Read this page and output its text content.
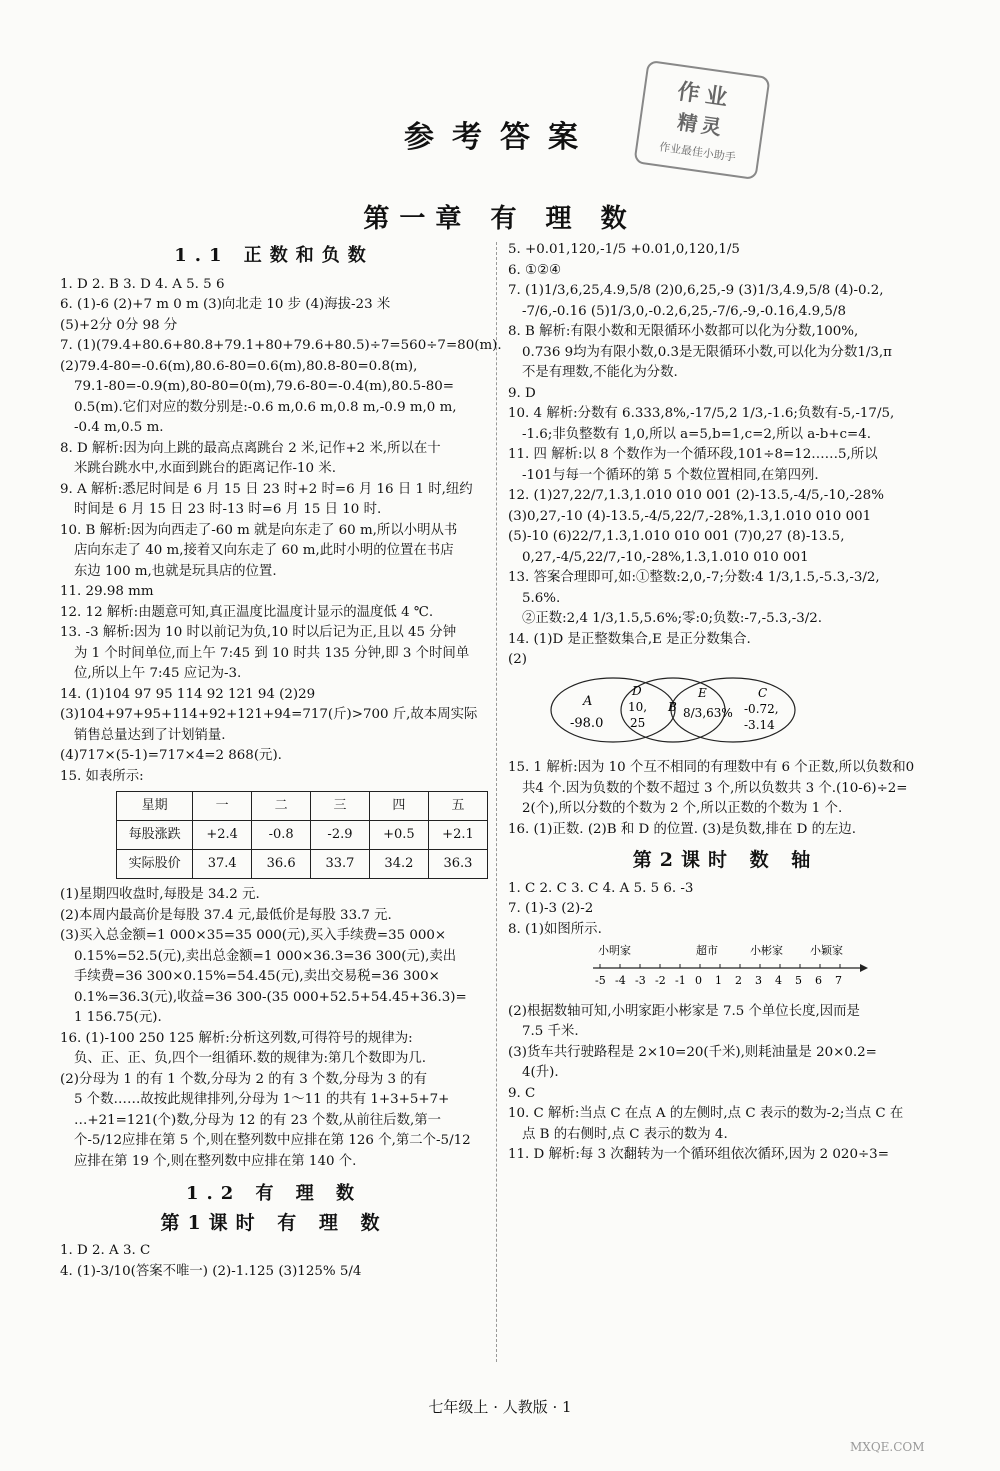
作业
精灵
作业最佳小助手
参考答案
第一章 有 理 数
1.1 正数和负数
1. D 2. B 3. D 4. A 5. 5 6
6. (1)-6 (2)+7 m 0 m (3)向北走 10 步 (4)海拔-23 米
(5)+2分 0分 98 分
7. (1)(79.4+80.6+80.8+79.1+80+79.6+80.5)÷7=560÷7=80(m).
(2)79.4-80=-0.6(m),80.6-80=0.6(m),80.8-80=0.8(m),
79.1-80=-0.9(m),80-80=0(m),79.6-80=-0.4(m),80.5-80=
0.5(m).它们对应的数分别是:-0.6 m,0.6 m,0.8 m,-0.9 m,0 m,
-0.4 m,0.5 m.
8. D 解析:因为向上跳的最高点离跳台 2 米,记作+2 米,所以在十
米跳台跳水中,水面到跳台的距离记作-10 米.
9. A 解析:悉尼时间是 6 月 15 日 23 时+2 时=6 月 16 日 1 时,纽约
时间是 6 月 15 日 23 时-13 时=6 月 15 日 10 时.
10. B 解析:因为向西走了-60 m 就是向东走了 60 m,所以小明从书
店向东走了 40 m,接着又向东走了 60 m,此时小明的位置在书店
东边 100 m,也就是玩具店的位置.
11. 29.98 mm
12. 12 解析:由题意可知,真正温度比温度计显示的温度低 4 ℃.
13. -3 解析:因为 10 时以前记为负,10 时以后记为正,且以 45 分钟
为 1 个时间单位,而上午 7:45 到 10 时共 135 分钟,即 3 个时间单
位,所以上午 7:45 应记为-3.
14. (1)104 97 95 114 92 121 94 (2)29
(3)104+97+95+114+92+121+94=717(斤)>700 斤,故本周实际
销售总量达到了计划销量.
(4)717×(5-1)=717×4=2 868(元).
15. 如表所示:
星期	一	二	三	四	五
每股涨跌	+2.4	-0.8	-2.9	+0.5	+2.1
实际股价	37.4	36.6	33.7	34.2	36.3
(1)星期四收盘时,每股是 34.2 元.
(2)本周内最高价是每股 37.4 元,最低价是每股 33.7 元.
(3)买入总金额=1 000×35=35 000(元),买入手续费=35 000×
0.15%=52.5(元),卖出总金额=1 000×36.3=36 300(元),卖出
手续费=36 300×0.15%=54.45(元),卖出交易税=36 300×
0.1%=36.3(元),收益=36 300-(35 000+52.5+54.45+36.3)=
1 156.75(元).
16. (1)-100 250 125 解析:分析这列数,可得符号的规律为:
负、正、正、负,四个一组循环.数的规律为:第几个数即为几.
(2)分母为 1 的有 1 个数,分母为 2 的有 3 个数,分母为 3 的有
5 个数……故按此规律排列,分母为 1～11 的共有 1+3+5+7+
…+21=121(个)数,分母为 12 的有 23 个数,从前往后数,第一
个-5/12应排在第 5 个,则在整列数中应排在第 126 个,第二个-5/12
应排在第 19 个,则在整列数中应排在第 140 个.
1.2 有 理 数
第1课时 有 理 数
1. D 2. A 3. C
4. (1)-3/10(答案不唯一) (2)-1.125 (3)125% 5/4
5. +0.01,120,-1/5 +0.01,0,120,1/5
6. ①②④
7. (1)1/3,6,25,4.9,5/8 (2)0,6,25,-9 (3)1/3,4.9,5/8 (4)-0.2,
-7/6,-0.16 (5)1/3,0,-0.2,6,25,-7/6,-9,-0.16,4.9,5/8
8. B 解析:有限小数和无限循环小数都可以化为分数,100%,
0.736 9均为有限小数,0.3̇是无限循环小数,可以化为分数1/3,π
不是有理数,不能化为分数.
9. D
10. 4 解析:分数有 6.333,8%,-17/5,2 1/3,-1.6;负数有-5,-17/5,
-1.6;非负整数有 1,0,所以 a=5,b=1,c=2,所以 a-b+c=4.
11. 四 解析:以 8 个数作为一个循环段,101÷8=12……5,所以
-101与每一个循环的第 5 个数位置相同,在第四列.
12. (1)27,22/7,1.3̇,1.010 010 001 (2)-13.5,-4/5,-10,-28%
(3)0,27,-10 (4)-13.5,-4/5,22/7,-28%,1.3̇,1.010 010 001
(5)-10 (6)22/7,1.3̇,1.010 010 001 (7)0,27 (8)-13.5,
0,27,-4/5,22/7,-10,-28%,1.3̇,1.010 010 001
13. 答案合理即可,如:①整数:2,0,-7;分数:4 1/3,1.5,-5.3,-3/2,
5.6%.
②正数:2,4 1/3,1.5,5.6%;零:0;负数:-7,-5.3,-3/2.
14. (1)D 是正整数集合,E 是正分数集合.
(2)
A
-98.0
D
10,
25
B
E
8/3,63%
C
-0.72,
-3.14
15. 1 解析:因为 10 个互不相同的有理数中有 6 个正数,所以负数和0
共4 个.因为负数的个数不超过 3 个,所以负数共 3 个.(10-6)÷2=
2(个),所以分数的个数为 2 个,所以正数的个数为 1 个.
16. (1)正数. (2)B 和 D 的位置. (3)是负数,排在 D 的左边.
第2课时 数 轴
1. C 2. C 3. C 4. A 5. 5 6. -3
7. (1)-3 (2)-2
8. (1)如图所示.
-5 -4 -3 -2 -1 0 1 2 3 4 5 6 7
小明家	超市	小彬家 小颖家
(2)根据数轴可知,小明家距小彬家是 7.5 个单位长度,因而是
7.5 千米.
(3)货车共行驶路程是 2×10=20(千米),则耗油量是 20×0.2=
4(升).
9. C
10. C 解析:当点 C 在点 A 的左侧时,点 C 表示的数为-2;当点 C 在
点 B 的右侧时,点 C 表示的数为 4.
11. D 解析:每 3 次翻转为一个循环组依次循环,因为 2 020÷3=
七年级上 · 人教版 · 1
MXQE.COM
